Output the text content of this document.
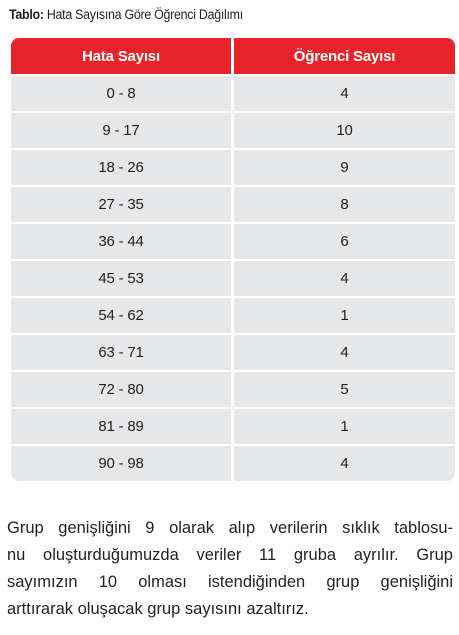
Tablo: Hata Sayısına Göre Öğrenci Dağılımı
Hata Sayısı
0 - 8
9 - 17
18 - 26
27 - 35
36 - 44
45 - 53
54 - 62
63 - 71
72 - 80
81 - 89
90 - 98
Öğrenci Sayısı
4
10
9
8
6
4
1
4
5
1
4
Grup genişliğini 9 olarak alıp verilerin sıklık tablosu-
nu oluşturduğumuzda veriler 11 gruba ayrılır. Grup
sayımızın 10 olması istendiğinden grup genişliğini
arttırarak oluşacak grup sayısını azaltırız.
